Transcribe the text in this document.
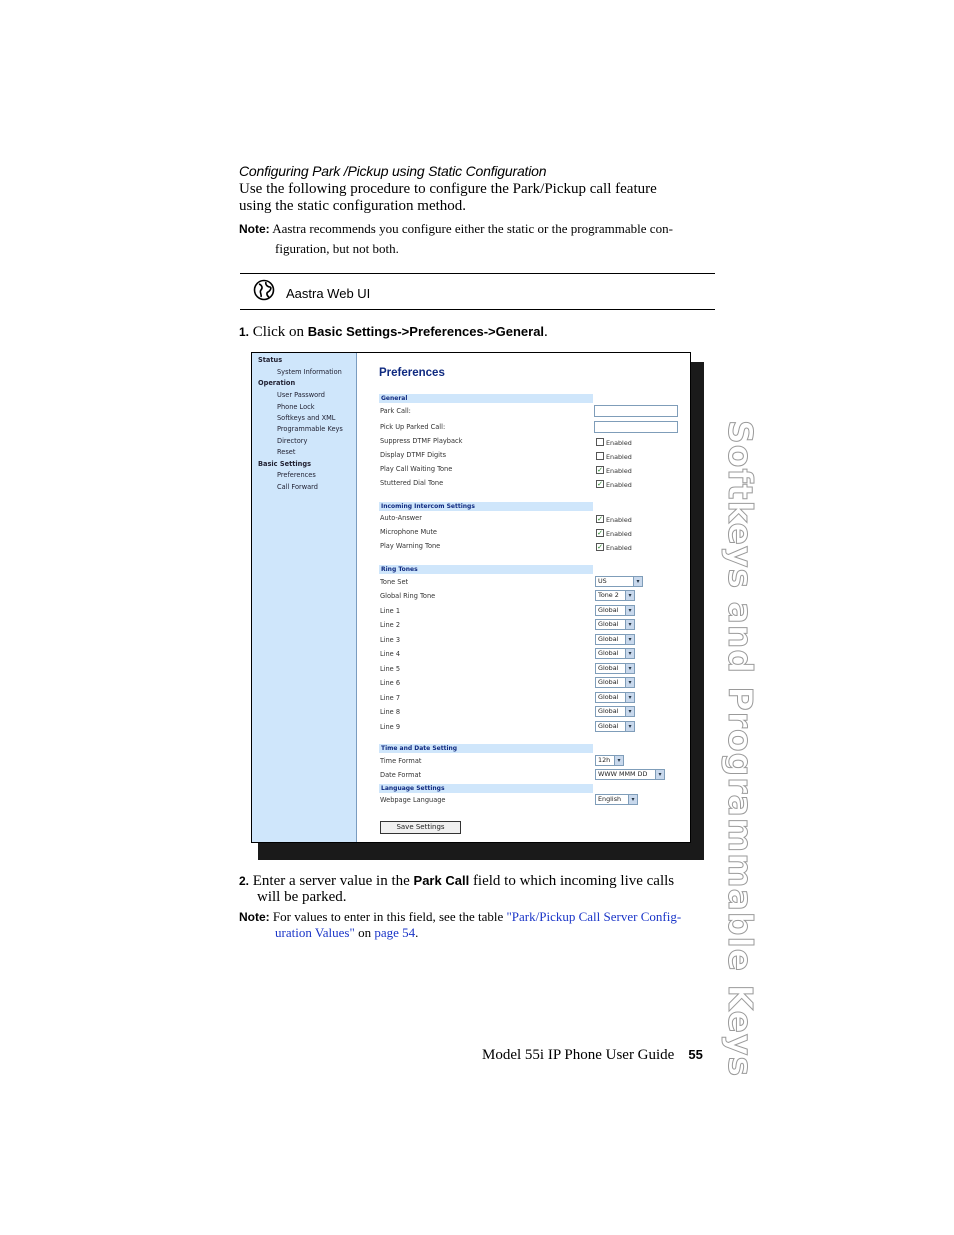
Configuring Park /Pickup using Static Configuration
Use the following procedure to configure the Park/Pickup call feature
using the static configuration method.
Note: Aastra recommends you configure either the static or the programmable con-
figuration, but not both.
Aastra Web UI
1. Click on Basic Settings->Preferences->General.
Status
System Information
Operation
User Password
Phone Lock
Softkeys and XML
Programmable Keys
Directory
Reset
Basic Settings
Preferences
Call Forward
Preferences
General
Park Call:
Pick Up Parked Call:
Suppress DTMF Playback	Enabled
Display DTMF Digits	Enabled
Play Call Waiting Tone	✓ Enabled
Stuttered Dial Tone	✓ Enabled
Incoming Intercom Settings
Auto-Answer	✓ Enabled
Microphone Mute	✓ Enabled
Play Warning Tone	✓ Enabled
Ring Tones
Tone Set	US	▾
Global Ring Tone	Tone 2	▾
Line 1	Global	▾
Line 2	Global	▾
Line 3	Global	▾
Line 4	Global	▾
Line 5	Global	▾
Line 6	Global	▾
Line 7	Global	▾
Line 8	Global	▾
Line 9	Global	▾
Time and Date Setting
Time Format	12h	▾
Date Format	WWW MMM DD	▾
Language Settings
Webpage Language	English	▾
Save Settings
2. Enter a server value in the Park Call field to which incoming live calls
will be parked.
Note: For values to enter in this field, see the table "Park/Pickup Call Server Config-
uration Values" on page 54.
Model 55i IP Phone User Guide 55 Softkeys and Programmable Keys
